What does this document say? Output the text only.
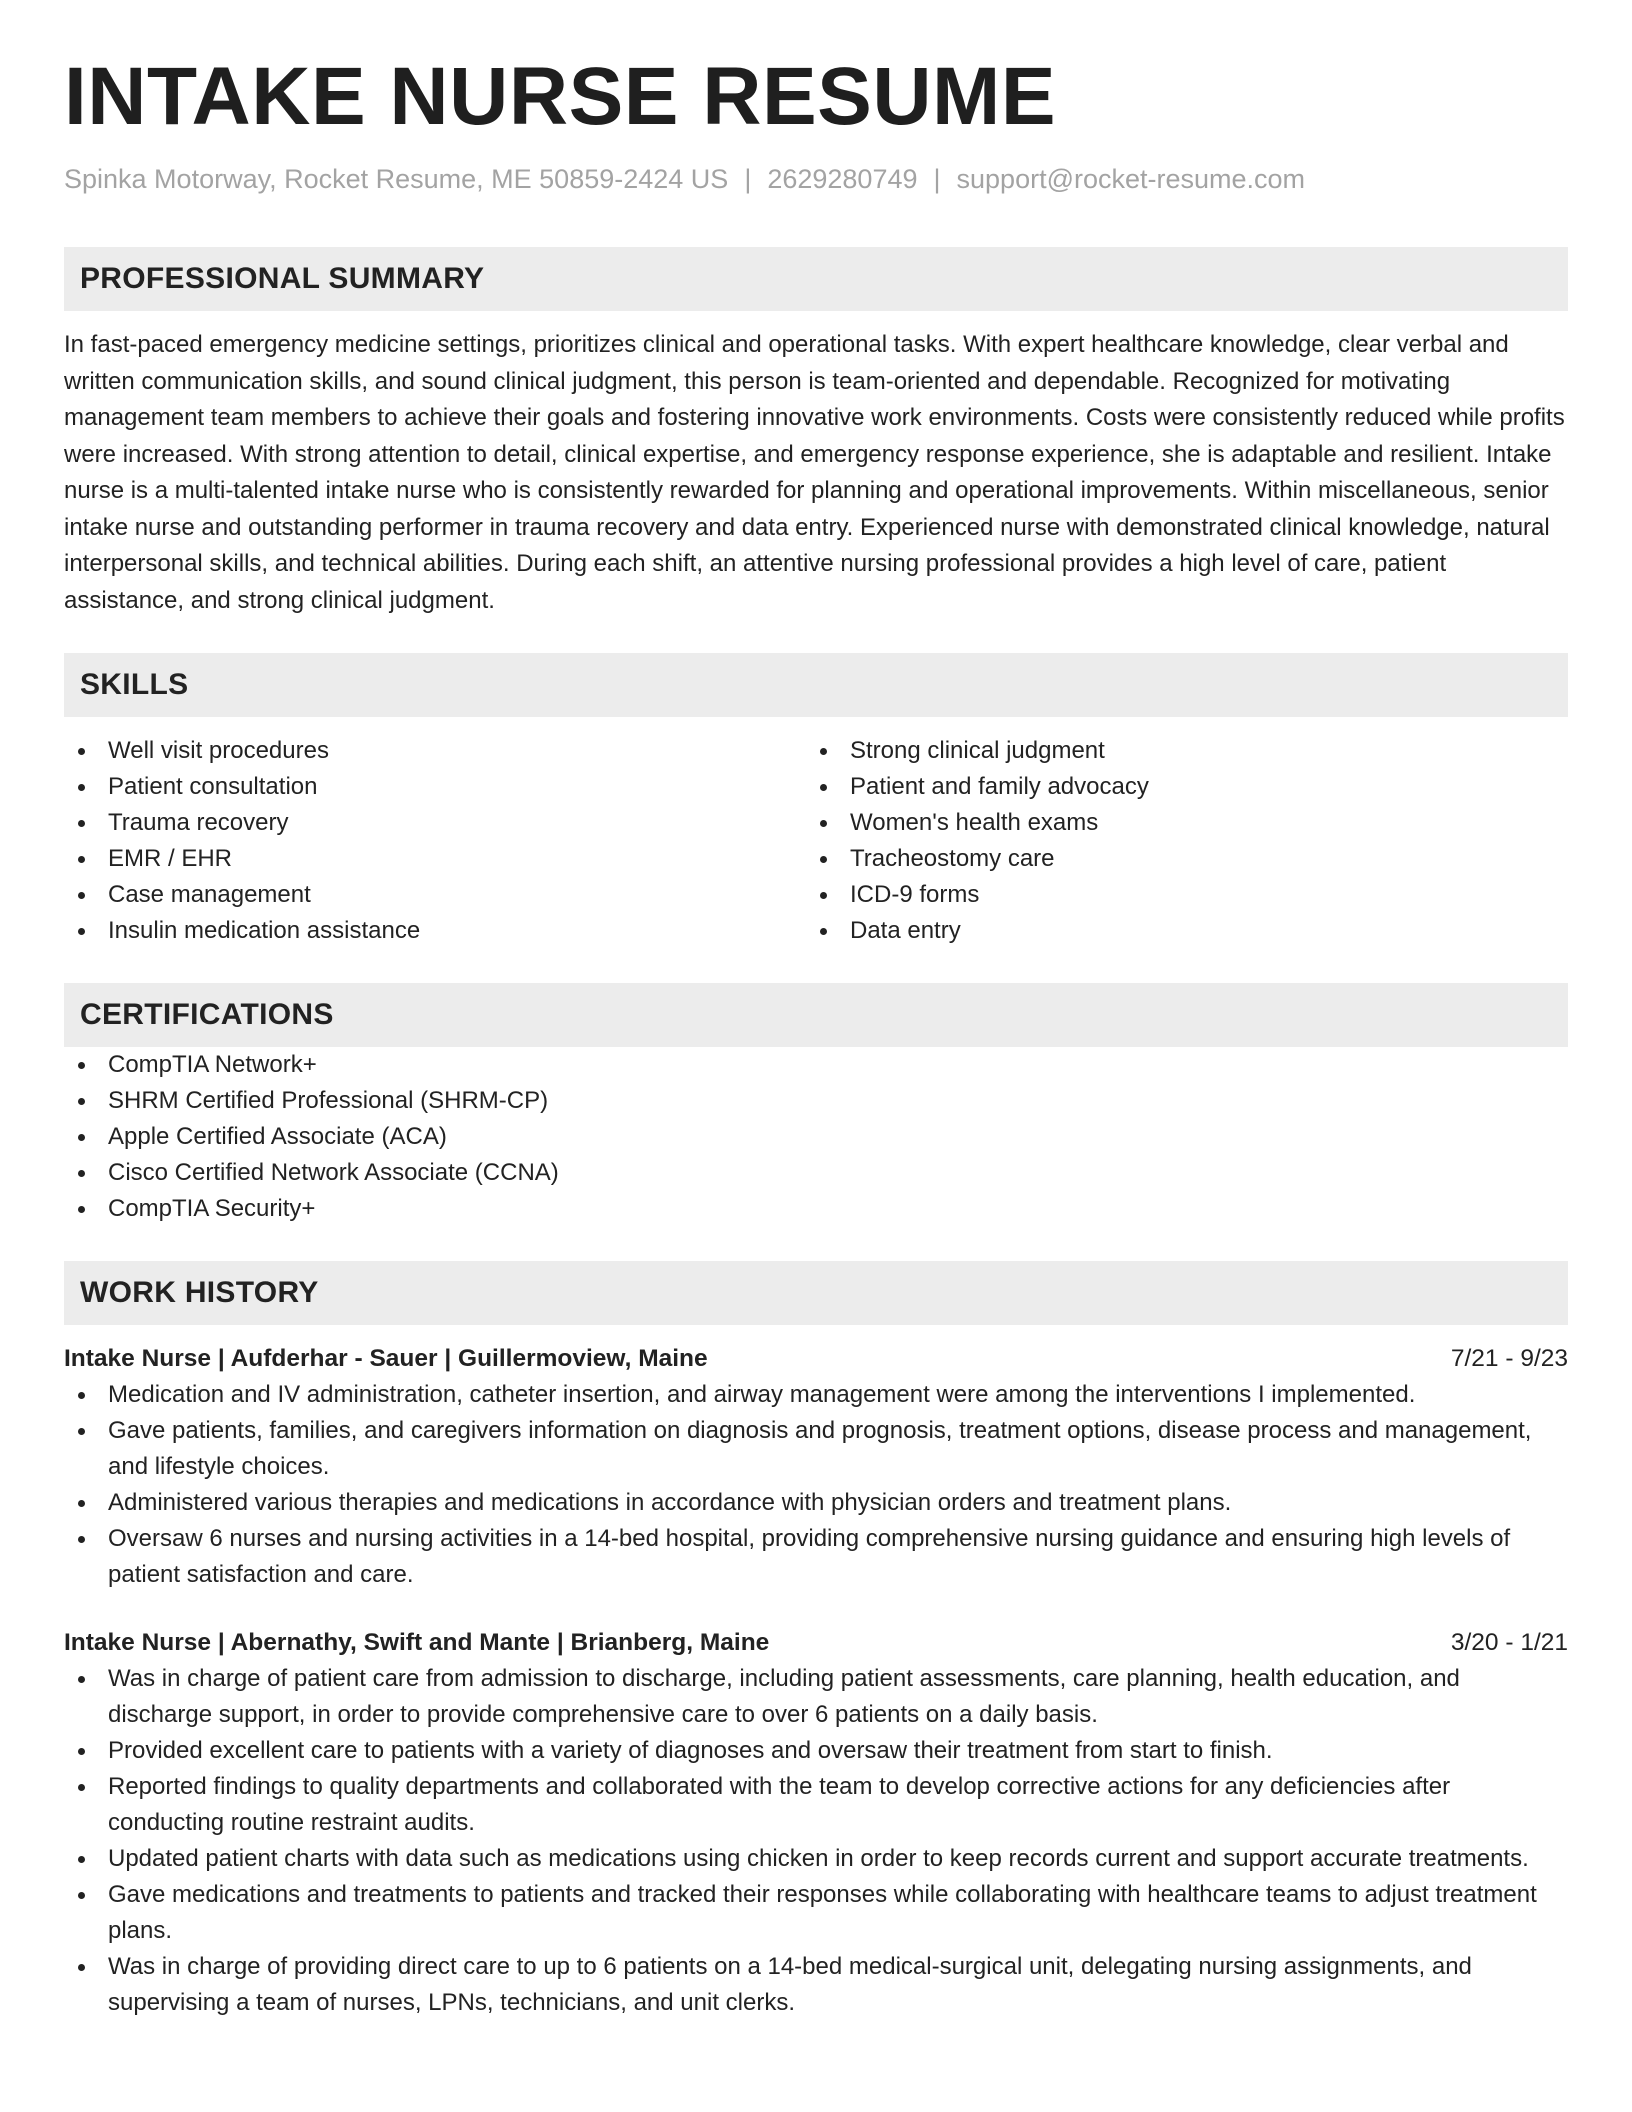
INTAKE NURSE RESUME
Spinka Motorway, Rocket Resume, ME 50859-2424 US | 2629280749 | support@rocket-resume.com
PROFESSIONAL SUMMARY

In fast-paced emergency medicine settings, prioritizes clinical and operational tasks. With expert healthcare knowledge, clear verbal and written communication skills, and sound clinical judgment, this person is team-oriented and dependable. Recognized for motivating management team members to achieve their goals and fostering innovative work environments. Costs were consistently reduced while profits were increased. With strong attention to detail, clinical expertise, and emergency response experience, she is adaptable and resilient. Intake nurse is a multi-talented intake nurse who is consistently rewarded for planning and operational improvements. Within miscellaneous, senior intake nurse and outstanding performer in trauma recovery and data entry. Experienced nurse with demonstrated clinical knowledge, natural interpersonal skills, and technical abilities. During each shift, an attentive nursing professional provides a high level of care, patient assistance, and strong clinical judgment.

SKILLS
Well visit procedures
Patient consultation
Trauma recovery
EMR / EHR
Case management
Insulin medication assistance
Strong clinical judgment
Patient and family advocacy
Women's health exams
Tracheostomy care
ICD-9 forms
Data entry
CERTIFICATIONS
CompTIA Network+
SHRM Certified Professional (SHRM-CP)
Apple Certified Associate (ACA)
Cisco Certified Network Associate (CCNA)
CompTIA Security+
WORK HISTORY
Intake Nurse | Aufderhar - Sauer | Guillermoview, Maine	7/21 - 9/23
Medication and IV administration, catheter insertion, and airway management were among the interventions I implemented.
Gave patients, families, and caregivers information on diagnosis and prognosis, treatment options, disease process and management, and lifestyle choices.
Administered various therapies and medications in accordance with physician orders and treatment plans.
Oversaw 6 nurses and nursing activities in a 14-bed hospital, providing comprehensive nursing guidance and ensuring high levels of patient satisfaction and care.
Intake Nurse | Abernathy, Swift and Mante | Brianberg, Maine	3/20 - 1/21
Was in charge of patient care from admission to discharge, including patient assessments, care planning, health education, and discharge support, in order to provide comprehensive care to over 6 patients on a daily basis.
Provided excellent care to patients with a variety of diagnoses and oversaw their treatment from start to finish.
Reported findings to quality departments and collaborated with the team to develop corrective actions for any deficiencies after conducting routine restraint audits.
Updated patient charts with data such as medications using chicken in order to keep records current and support accurate treatments.
Gave medications and treatments to patients and tracked their responses while collaborating with healthcare teams to adjust treatment plans.
Was in charge of providing direct care to up to 6 patients on a 14-bed medical-surgical unit, delegating nursing assignments, and supervising a team of nurses, LPNs, technicians, and unit clerks.
